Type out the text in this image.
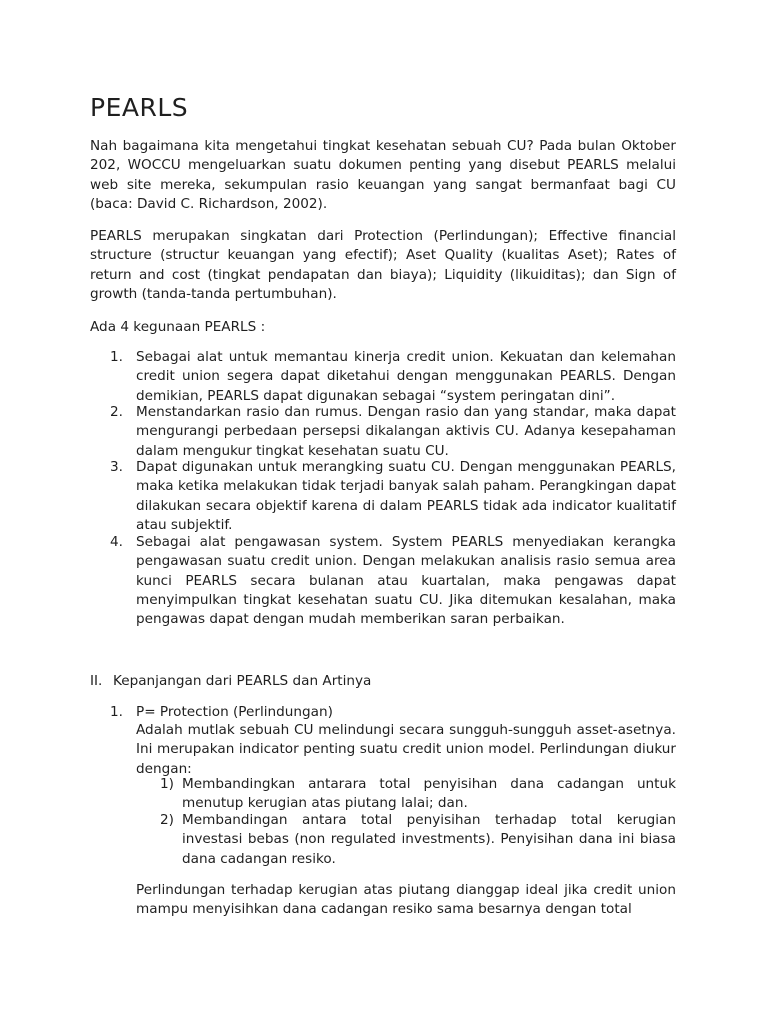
PEARLS

Nah bagaimana kita mengetahui tingkat kesehatan sebuah CU? Pada bulan Oktober 202, WOCCU mengeluarkan suatu dokumen penting yang disebut PEARLS melalui web site mereka, sekumpulan rasio keuangan yang sangat bermanfaat bagi CU (baca: David C. Richardson, 2002).

PEARLS merupakan singkatan dari Protection (Perlindungan); Effective financial structure (structur keuangan yang efectif); Aset Quality (kualitas Aset); Rates of return and cost (tingkat pendapatan dan biaya); Liquidity (likuiditas); dan Sign of growth (tanda-tanda pertumbuhan).

Ada 4 kegunaan PEARLS :

1. Sebagai alat untuk memantau kinerja credit union. Kekuatan dan kelemahan credit union segera dapat diketahui dengan menggunakan PEARLS. Dengan demikian, PEARLS dapat digunakan sebagai “system peringatan dini”.
2. Menstandarkan rasio dan rumus. Dengan rasio dan yang standar, maka dapat mengurangi perbedaan persepsi dikalangan aktivis CU. Adanya kesepahaman dalam mengukur tingkat kesehatan suatu CU.
3. Dapat digunakan untuk merangking suatu CU. Dengan menggunakan PEARLS, maka ketika melakukan tidak terjadi banyak salah paham. Perangkingan dapat dilakukan secara objektif karena di dalam PEARLS tidak ada indicator kualitatif atau subjektif.
4. Sebagai alat pengawasan system. System PEARLS menyediakan kerangka pengawasan suatu credit union. Dengan melakukan analisis rasio semua area kunci PEARLS secara bulanan atau kuartalan, maka pengawas dapat menyimpulkan tingkat kesehatan suatu CU. Jika ditemukan kesalahan, maka pengawas dapat dengan mudah memberikan saran perbaikan.
II. Kepanjangan dari PEARLS dan Artinya
1. P= Protection (Perlindungan)
Adalah mutlak sebuah CU melindungi secara sungguh-sungguh asset-asetnya. Ini merupakan indicator penting suatu credit union model. Perlindungan diukur dengan:
1) Membandingkan antarara total penyisihan dana cadangan untuk menutup kerugian atas piutang lalai; dan.
2) Membandingan antara total penyisihan terhadap total kerugian investasi bebas (non regulated investments). Penyisihan dana ini biasa dana cadangan resiko.

Perlindungan terhadap kerugian atas piutang dianggap ideal jika credit union mampu menyisihkan dana cadangan resiko sama besarnya dengan total
